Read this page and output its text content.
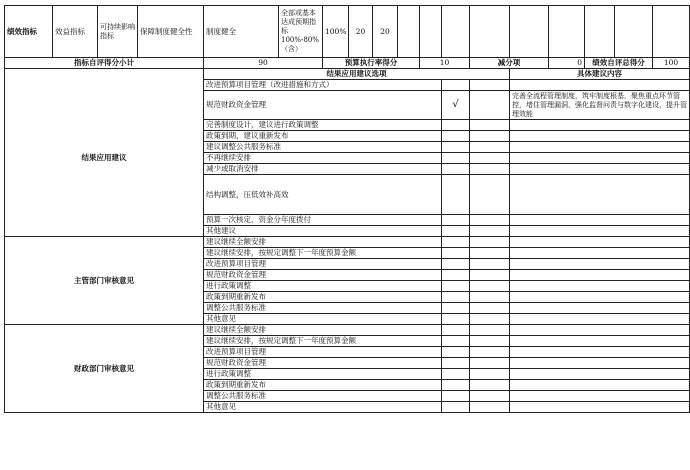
绩效指标	效益指标	可持续影响指标	保障制度健全性	制度健全	全部或基本达成预期指标100%-80%（含）	100%	20	20									
指标自评得分小计				90		预算执行率得分				10		减分项		0	绩效自评总得分		100
				结果应用建议选项									具体建议内容				
结果应用建议				改进预算项目管理（改进措施和方式）													
				规范财政资金管理							√		完善全流程管理制度，筑牢制度根基，聚焦重点环节管控，堵住管理漏洞，强化监督问责与数字化建设，提升管理效能				
				完善制度设计，建议进行政策调整													
				政策到期，建议重新发布													
				建议调整公共服务标准													
				不再继续安排													
				减少或取消安排													
				结构调整，压低效补高效													
				预算一次核定、资金分年度拨付													
				其他建议													
主管部门审核意见				建议继续全额安排													
				建议继续安排，按规定调整下一年度预算金额													
				改进预算项目管理													
				规范财政资金管理													
				进行政策调整													
				政策到期重新发布													
				调整公共服务标准													
				其他意见													
财政部门审核意见				建议继续全额安排													
				建议继续安排，按规定调整下一年度预算金额													
				改进预算项目管理													
				规范财政资金管理													
				进行政策调整													
				政策到期重新发布													
				调整公共服务标准													
				其他意见													
